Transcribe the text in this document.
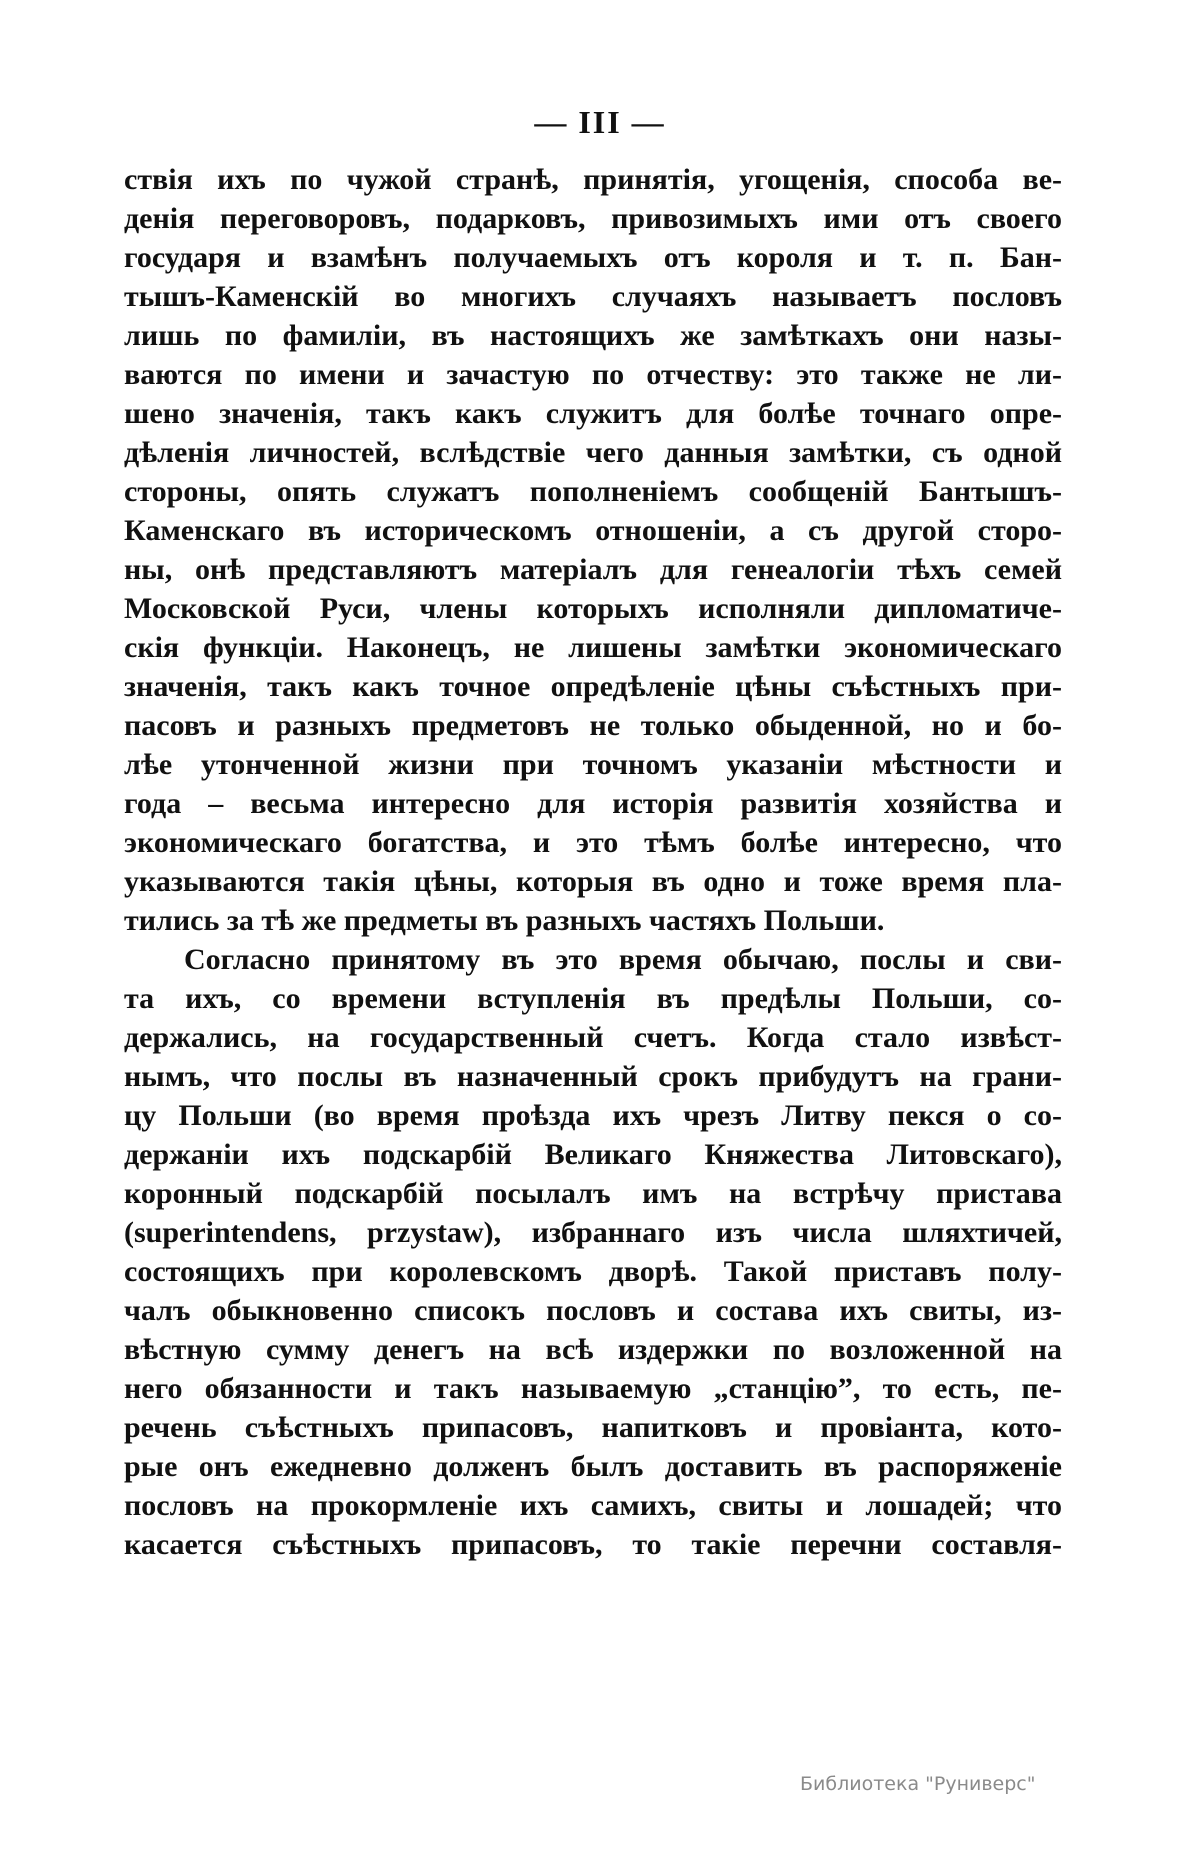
— III —
ствія ихъ по чужой странѣ, принятія, угощенія, способа ве-
денія переговоровъ, подарковъ, привозимыхъ ими отъ своего
государя и взамѣнъ получаемыхъ отъ короля и т. п. Бан-
тышъ-Каменскій во многихъ случаяхъ называетъ пословъ
лишь по фамиліи, въ настоящихъ же замѣткахъ они назы-
ваются по имени и зачастую по отчеству: это также не ли-
шено значенія, такъ какъ служитъ для болѣе точнаго опре-
дѣленія личностей, вслѣдствіе чего данныя замѣтки, съ одной
стороны, опять служатъ пополненіемъ сообщеній Бантышъ-
Каменскаго въ историческомъ отношеніи, а съ другой сторо-
ны, онѣ представляютъ матеріалъ для генеалогіи тѣхъ семей
Московской Руси, члены которыхъ исполняли дипломатиче-
скія функціи. Наконецъ, не лишены замѣтки экономическаго
значенія, такъ какъ точное опредѣленіе цѣны съѣстныхъ при-
пасовъ и разныхъ предметовъ не только обыденной, но и бо-
лѣе утонченной жизни при точномъ указаніи мѣстности и
года – весьма интересно для исторія развитія хозяйства и
экономическаго богатства, и это тѣмъ болѣе интересно, что
указываются такія цѣны, которыя въ одно и тоже время пла-
тились за тѣ же предметы въ разныхъ частяхъ Польши.
Согласно принятому въ это время обычаю, послы и сви-
та ихъ, со времени вступленія въ предѣлы Польши, со-
держались, на государственный счетъ. Когда стало извѣст-
нымъ, что послы въ назначенный срокъ прибудутъ на грани-
цу Польши (во время проѣзда ихъ чрезъ Литву пекся о со-
держаніи ихъ подскарбій Великаго Княжества Литовскаго),
коронный подскарбій посылалъ имъ на встрѣчу пристава
(superintendens, przystaw), избраннаго изъ числа шляхтичей,
состоящихъ при королевскомъ дворѣ. Такой приставъ полу-
чалъ обыкновенно списокъ пословъ и состава ихъ свиты, из-
вѣстную сумму денегъ на всѣ издержки по возложенной на
него обязанности и такъ называемую „станцію”, то есть, пе-
речень съѣстныхъ припасовъ, напитковъ и провіанта, кото-
рые онъ ежедневно долженъ былъ доставить въ распоряженіе
пословъ на прокормленіе ихъ самихъ, свиты и лошадей; что
касается съѣстныхъ припасовъ, то такіе перечни составля-
Библиотека "Руниверс"
